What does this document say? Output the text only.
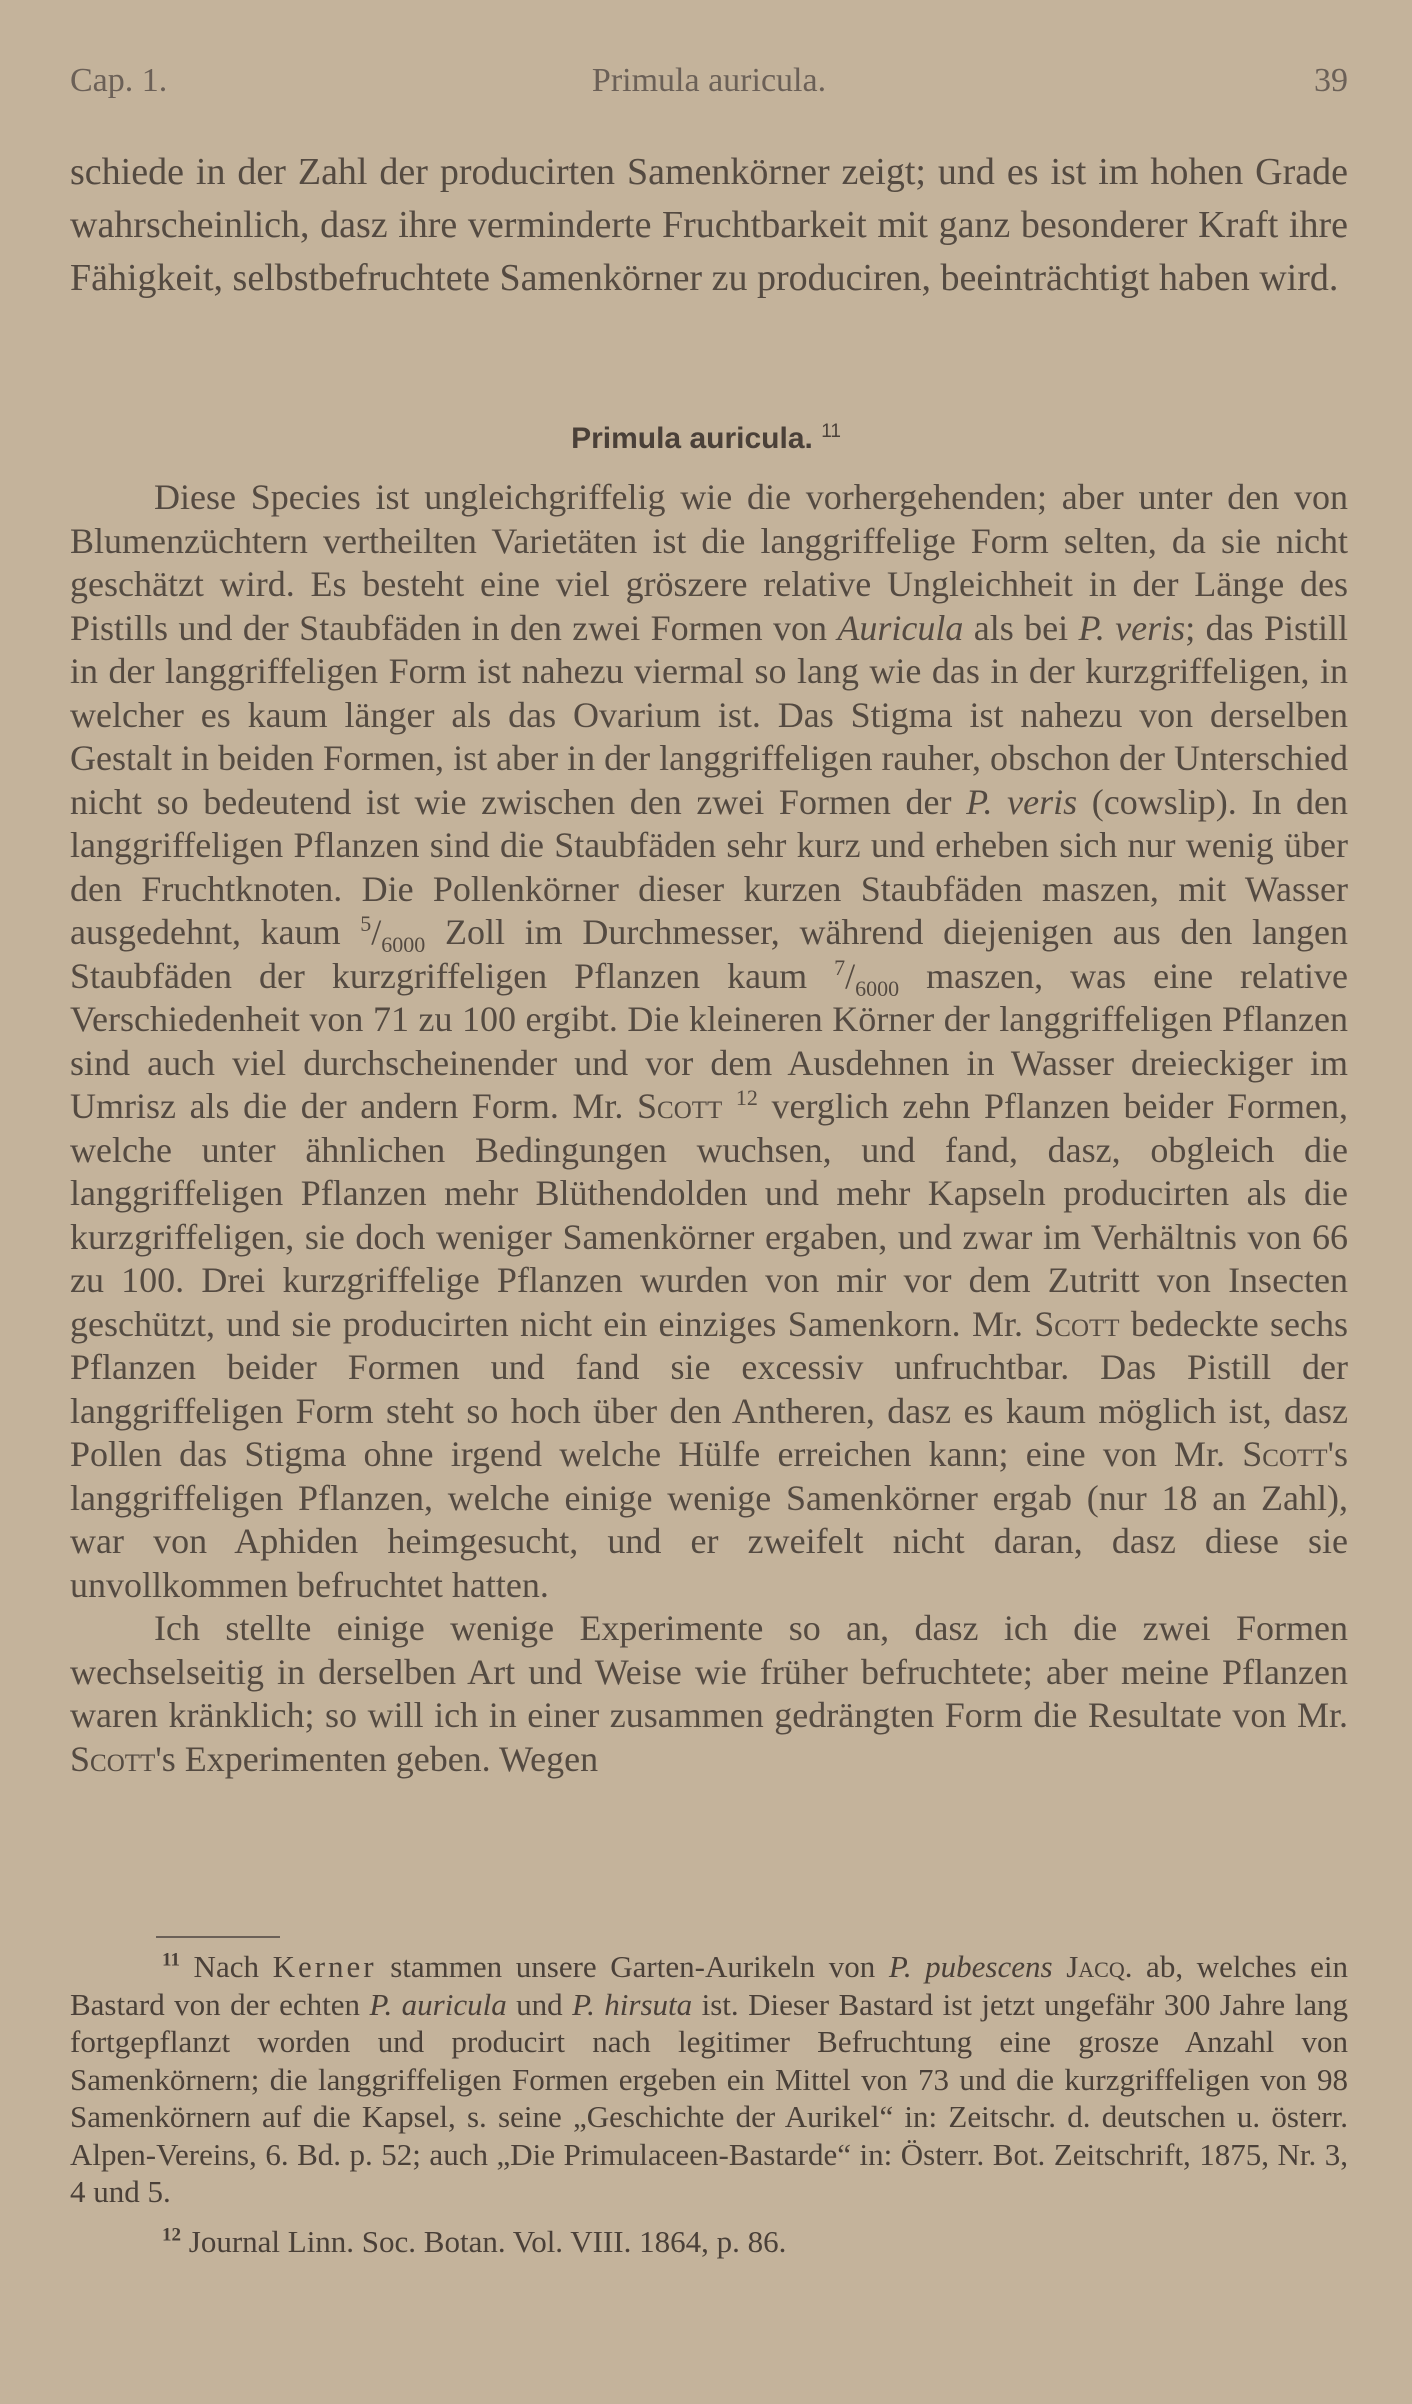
Cap. 1.	Primula auricula.	39

schiede in der Zahl der producirten Samenkörner zeigt; und es ist im hohen Grade wahrscheinlich, dasz ihre verminderte Fruchtbarkeit mit ganz besonderer Kraft ihre Fähigkeit, selbstbefruchtete Samenkörner zu produciren, beeinträchtigt haben wird.

Primula auricula. $^{11}$

Diese Species ist ungleichgriffelig wie die vorhergehenden; aber unter den von Blumenzüchtern vertheilten Varietäten ist die langgriffelige Form selten, da sie nicht geschätzt wird. Es besteht eine viel gröszere relative Ungleichheit in der Länge des Pistills und der Staubfäden in den zwei Formen von Auricula als bei P. veris; das Pistill in der langgriffeligen Form ist nahezu viermal so lang wie das in der kurzgriffeligen, in welcher es kaum länger als das Ovarium ist. Das Stigma ist nahezu von derselben Gestalt in beiden Formen, ist aber in der langgriffeligen rauher, obschon der Unterschied nicht so bedeutend ist wie zwischen den zwei Formen der P. veris (cowslip). In den langgriffeligen Pflanzen sind die Staubfäden sehr kurz und erheben sich nur wenig über den Fruchtknoten. Die Pollenkörner dieser kurzen Staubfäden maszen, mit Wasser ausgedehnt, kaum $^5/_{6000}$ Zoll im Durchmesser, während diejenigen aus den langen Staubfäden der kurzgriffeligen Pflanzen kaum $^7/_{6000}$ maszen, was eine relative Verschiedenheit von 71 zu 100 ergibt. Die kleineren Körner der langgriffeligen Pflanzen sind auch viel durchscheinender und vor dem Ausdehnen in Wasser dreieckiger im Umrisz als die der andern Form. Mr. Scott $^{12}$ verglich zehn Pflanzen beider Formen, welche unter ähnlichen Bedingungen wuchsen, und fand, dasz, obgleich die langgriffeligen Pflanzen mehr Blüthendolden und mehr Kapseln producirten als die kurzgriffeligen, sie doch weniger Samenkörner ergaben, und zwar im Verhältnis von 66 zu 100. Drei kurzgriffelige Pflanzen wurden von mir vor dem Zutritt von Insecten geschützt, und sie producirten nicht ein einziges Samenkorn. Mr. Scott bedeckte sechs Pflanzen beider Formen und fand sie excessiv unfruchtbar. Das Pistill der langgriffeligen Form steht so hoch über den Antheren, dasz es kaum möglich ist, dasz Pollen das Stigma ohne irgend welche Hülfe erreichen kann; eine von Mr. Scott's langgriffeligen Pflanzen, welche einige wenige Samenkörner ergab (nur 18 an Zahl), war von Aphiden heimgesucht, und er zweifelt nicht daran, dasz diese sie unvollkommen befruchtet hatten.

Ich stellte einige wenige Experimente so an, dasz ich die zwei Formen wechselseitig in derselben Art und Weise wie früher befruchtete; aber meine Pflanzen waren kränklich; so will ich in einer zusammen gedrängten Form die Resultate von Mr. Scott's Experimenten geben. Wegen

$^{11}$ Nach Kerner stammen unsere Garten-Aurikeln von P. pubescens Jacq. ab, welches ein Bastard von der echten P. auricula und P. hirsuta ist. Dieser Bastard ist jetzt ungefähr 300 Jahre lang fortgepflanzt worden und producirt nach legitimer Befruchtung eine grosze Anzahl von Samenkörnern; die langgriffeligen Formen ergeben ein Mittel von 73 und die kurzgriffeligen von 98 Samenkörnern auf die Kapsel, s. seine „Geschichte der Aurikel“ in: Zeitschr. d. deutschen u. österr. Alpen-Vereins, 6. Bd. p. 52; auch „Die Primulaceen-Bastarde“ in: Österr. Bot. Zeitschrift, 1875, Nr. 3, 4 und 5.

$^{12}$ Journal Linn. Soc. Botan. Vol. VIII. 1864, p. 86.
